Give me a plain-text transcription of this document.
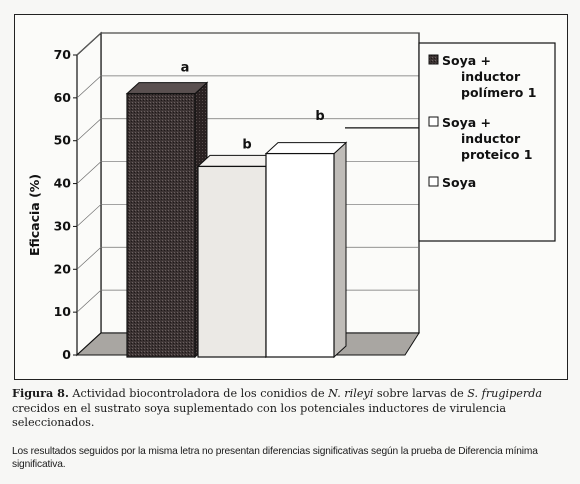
0
10
20
30
40
50
60
70
Eficacia (%)
b
a
b
Soya +
inductor
polímero 1
Soya +
inductor
proteico 1
Soya
Figura 8. Actividad biocontroladora de los conidios de N. rileyi sobre larvas de S. frugiperda crecidos en el sustrato soya suplementado con los potenciales inductores de virulencia seleccionados.
Los resultados seguidos por la misma letra no presentan diferencias significativas según la prueba de Diferencia mínima significativa.
